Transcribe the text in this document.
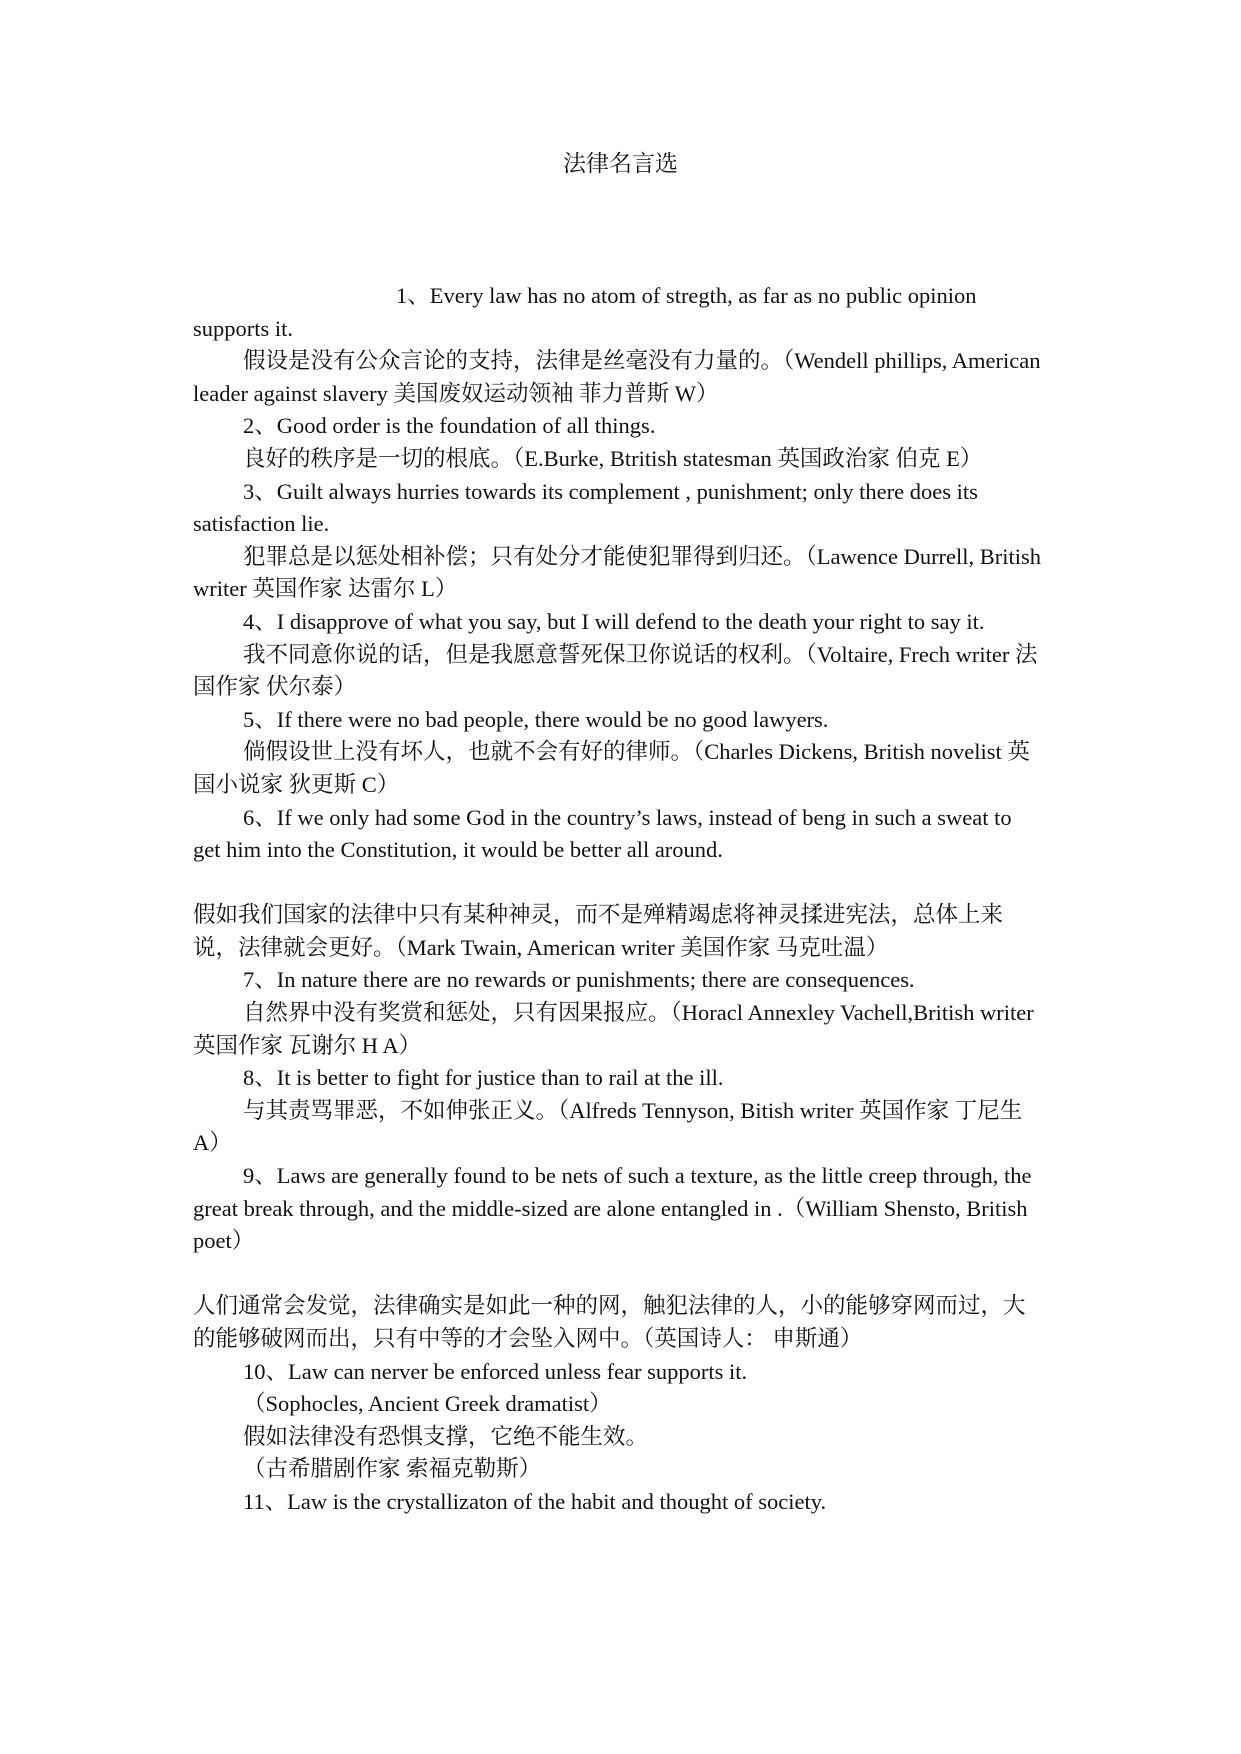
法律名言选

1、Every law has no atom of stregth, as far as no public opinion supports it.

假设是没有公众言论的支持，法律是丝毫没有力量的。（Wendell phillips, American leader against slavery 美国废奴运动领袖 菲力普斯 W）

2、Good order is the foundation of all things.

良好的秩序是一切的根底。（E.Burke, Btritish statesman 英国政治家 伯克 E）

3、Guilt always hurries towards its complement , punishment; only there does its satisfaction lie.

犯罪总是以惩处相补偿；只有处分才能使犯罪得到归还。（Lawence Durrell, British writer 英国作家 达雷尔 L）

4、I disapprove of what you say, but I will defend to the death your right to say it.

我不同意你说的话，但是我愿意誓死保卫你说话的权利。（Voltaire, Frech writer 法国作家 伏尔泰）

5、If there were no bad people, there would be no good lawyers.

倘假设世上没有坏人，也就不会有好的律师。（Charles Dickens, British novelist 英国小说家 狄更斯 C）

6、If we only had some God in the country’s laws, instead of beng in such a sweat to get him into the Constitution, it would be better all around.

假如我们国家的法律中只有某种神灵，而不是殚精竭虑将神灵揉进宪法，总体上来说，法律就会更好。（Mark Twain, American writer 美国作家 马克吐温）

7、In nature there are no rewards or punishments; there are consequences.

自然界中没有奖赏和惩处，只有因果报应。（Horacl Annexley Vachell,British writer 英国作家 瓦谢尔 H A）

8、It is better to fight for justice than to rail at the ill.

与其责骂罪恶，不如伸张正义。（Alfreds Tennyson, Bitish writer 英国作家 丁尼生 A）

9、Laws are generally found to be nets of such a texture, as the little creep through, the great break through, and the middle-sized are alone entangled in .（William Shensto, British poet）

人们通常会发觉，法律确实是如此一种的网，触犯法律的人，小的能够穿网而过，大的能够破网而出，只有中等的才会坠入网中。（英国诗人： 申斯通）

10、Law can nerver be enforced unless fear supports it.

（Sophocles, Ancient Greek dramatist）

假如法律没有恐惧支撑，它绝不能生效。

（古希腊剧作家 索福克勒斯）

11、Law is the crystallizaton of the habit and thought of society.
